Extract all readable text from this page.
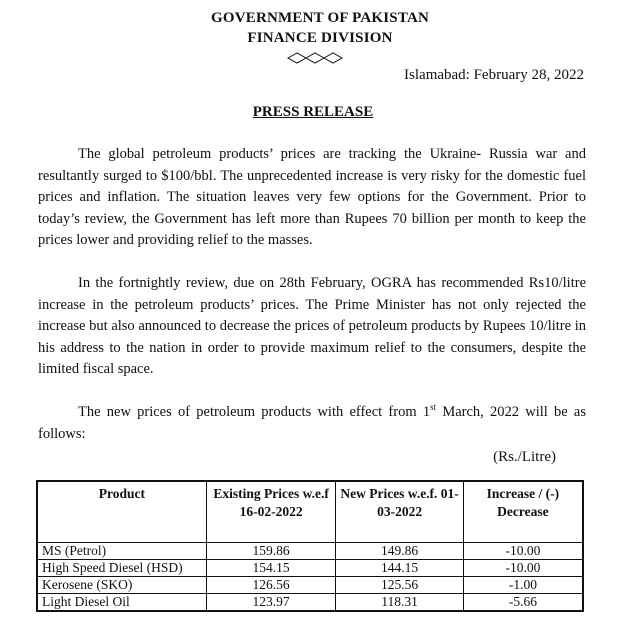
GOVERNMENT OF PAKISTAN
FINANCE DIVISION
Islamabad: February 28, 2022
PRESS RELEASE

The global petroleum products’ prices are tracking the Ukraine- Russia war and resultantly surged to $100/bbl. The unprecedented increase is very risky for the domestic fuel prices and inflation. The situation leaves very few options for the Government. Prior to today’s review, the Government has left more than Rupees 70 billion per month to keep the prices lower and providing relief to the masses.

In the fortnightly review, due on 28th February, OGRA has recommended Rs10/litre increase in the petroleum products’ prices. The Prime Minister has not only rejected the increase but also announced to decrease the prices of petroleum products by Rupees 10/litre in his address to the nation in order to provide maximum relief to the consumers, despite the limited fiscal space.

The new prices of petroleum products with effect from 1st March, 2022 will be as follows:

(Rs./Litre)
Product	Existing Prices w.e.f 16-02-2022	New Prices w.e.f. 01-03-2022	Increase / (-) Decrease
MS (Petrol)	159.86	149.86	-10.00
High Speed Diesel (HSD)	154.15	144.15	-10.00
Kerosene (SKO)	126.56	125.56	-1.00
Light Diesel Oil	123.97	118.31	-5.66
